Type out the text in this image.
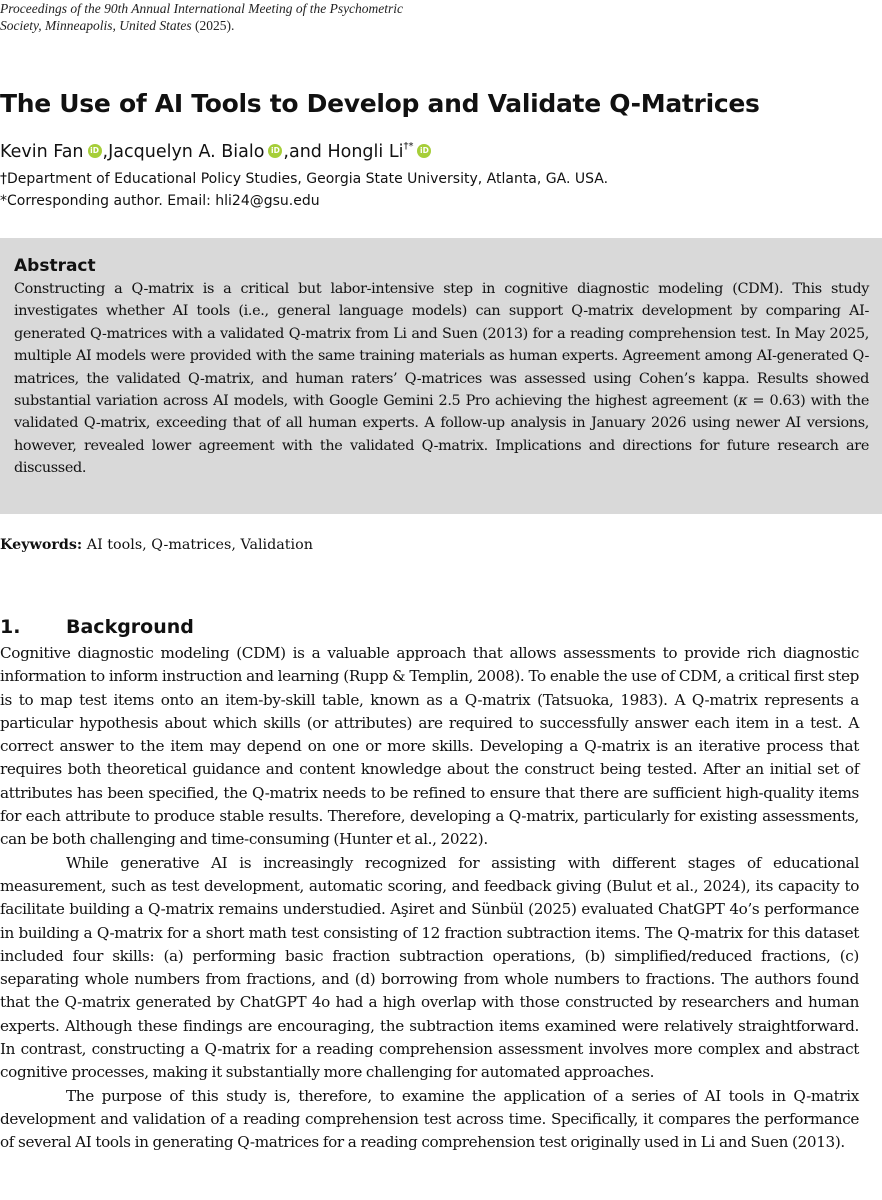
Proceedings of the 90th Annual International Meeting of the Psychometric
Society, Minneapolis, United States (2025).
The Use of AI Tools to Develop and Validate Q-Matrices
Kevin Fan iD ,Jacquelyn A. Bialo iD ,and Hongli Li†* iD
†Department of Educational Policy Studies, Georgia State University, Atlanta, GA. USA.
*Corresponding author. Email: hli24@gsu.edu
Abstract

Constructing a Q-matrix is a critical but labor-intensive step in cognitive diagnostic modeling (CDM). This study investigates whether AI tools (i.e., general language models) can support Q-matrix development by comparing AI-generated Q-matrices with a validated Q-matrix from Li and Suen (2013) for a reading comprehension test. In May 2025, multiple AI models were provided with the same training materials as human experts. Agreement among AI-generated Q-matrices, the validated Q-matrix, and human raters’ Q-matrices was assessed using Cohen’s kappa. Results showed substantial variation across AI models, with Google Gemini 2.5 Pro achieving the highest agreement (κ = 0.63) with the validated Q-matrix, exceeding that of all human experts. A follow-up analysis in January 2026 using newer AI versions, however, revealed lower agreement with the validated Q-matrix. Implications and directions for future research are discussed.

Keywords: AI tools, Q-matrices, Validation
1. Background

Cognitive diagnostic modeling (CDM) is a valuable approach that allows assessments to provide rich diagnostic information to inform instruction and learning (Rupp & Templin, 2008). To enable the use of CDM, a critical first step is to map test items onto an item-by-skill table, known as a Q-matrix (Tatsuoka, 1983). A Q-matrix represents a particular hypothesis about which skills (or attributes) are required to successfully answer each item in a test. A correct answer to the item may depend on one or more skills. Developing a Q-matrix is an iterative process that requires both theoretical guidance and content knowledge about the construct being tested. After an initial set of attributes has been specified, the Q-matrix needs to be refined to ensure that there are sufficient high-quality items for each attribute to produce stable results. Therefore, developing a Q-matrix, particularly for existing assessments, can be both challenging and time-consuming (Hunter et al., 2022).

While generative AI is increasingly recognized for assisting with different stages of educational measurement, such as test development, automatic scoring, and feedback giving (Bulut et al., 2024), its capacity to facilitate building a Q-matrix remains understudied. Aşiret and Sünbül (2025) evaluated ChatGPT 4o’s performance in building a Q-matrix for a short math test consisting of 12 fraction subtraction items. The Q-matrix for this dataset included four skills: (a) performing basic fraction subtraction operations, (b) simplified/reduced fractions, (c) separating whole numbers from fractions, and (d) borrowing from whole numbers to fractions. The authors found that the Q-matrix generated by ChatGPT 4o had a high overlap with those constructed by researchers and human experts. Although these findings are encouraging, the subtraction items examined were relatively straightforward. In contrast, constructing a Q-matrix for a reading comprehension assessment involves more complex and abstract cognitive processes, making it substantially more challenging for automated approaches.

The purpose of this study is, therefore, to examine the application of a series of AI tools in Q-matrix development and validation of a reading comprehension test across time. Specifically, it compares the performance of several AI tools in generating Q-matrices for a reading comprehension test originally used in Li and Suen (2013).
